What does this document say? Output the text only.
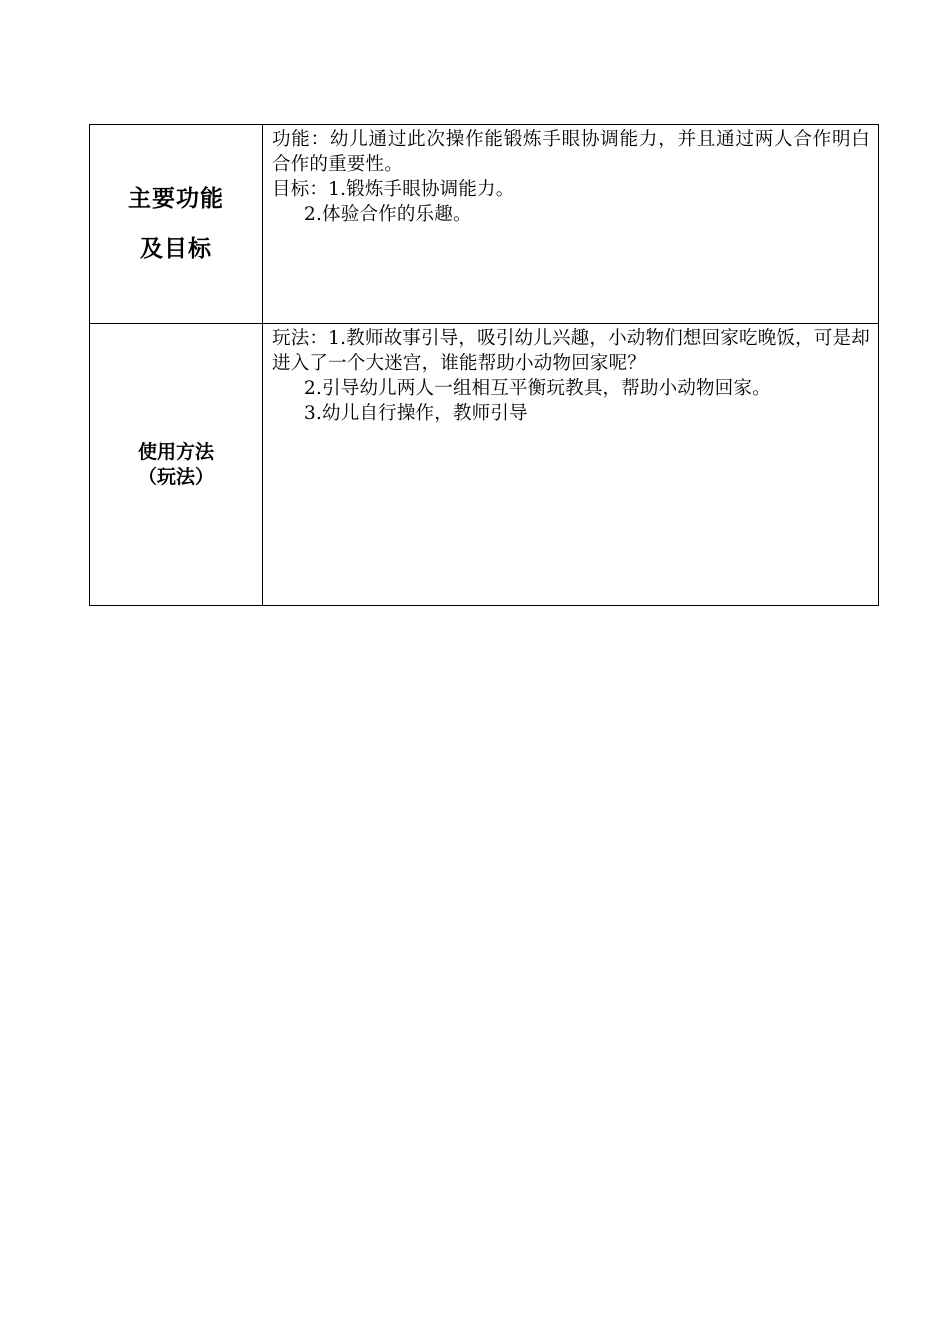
主要功能
及目标	功能：幼儿通过此次操作能锻炼手眼协调能力，并且通过两人合作明白合作的重要性。
目标：1.锻炼手眼协调能力。
2.体验合作的乐趣。

使用方法
（玩法）	玩法：1.教师故事引导，吸引幼儿兴趣，小动物们想回家吃晚饭，可是却进入了一个大迷宫，谁能帮助小动物回家呢？
2.引导幼儿两人一组相互平衡玩教具，帮助小动物回家。
3.幼儿自行操作，教师引导
